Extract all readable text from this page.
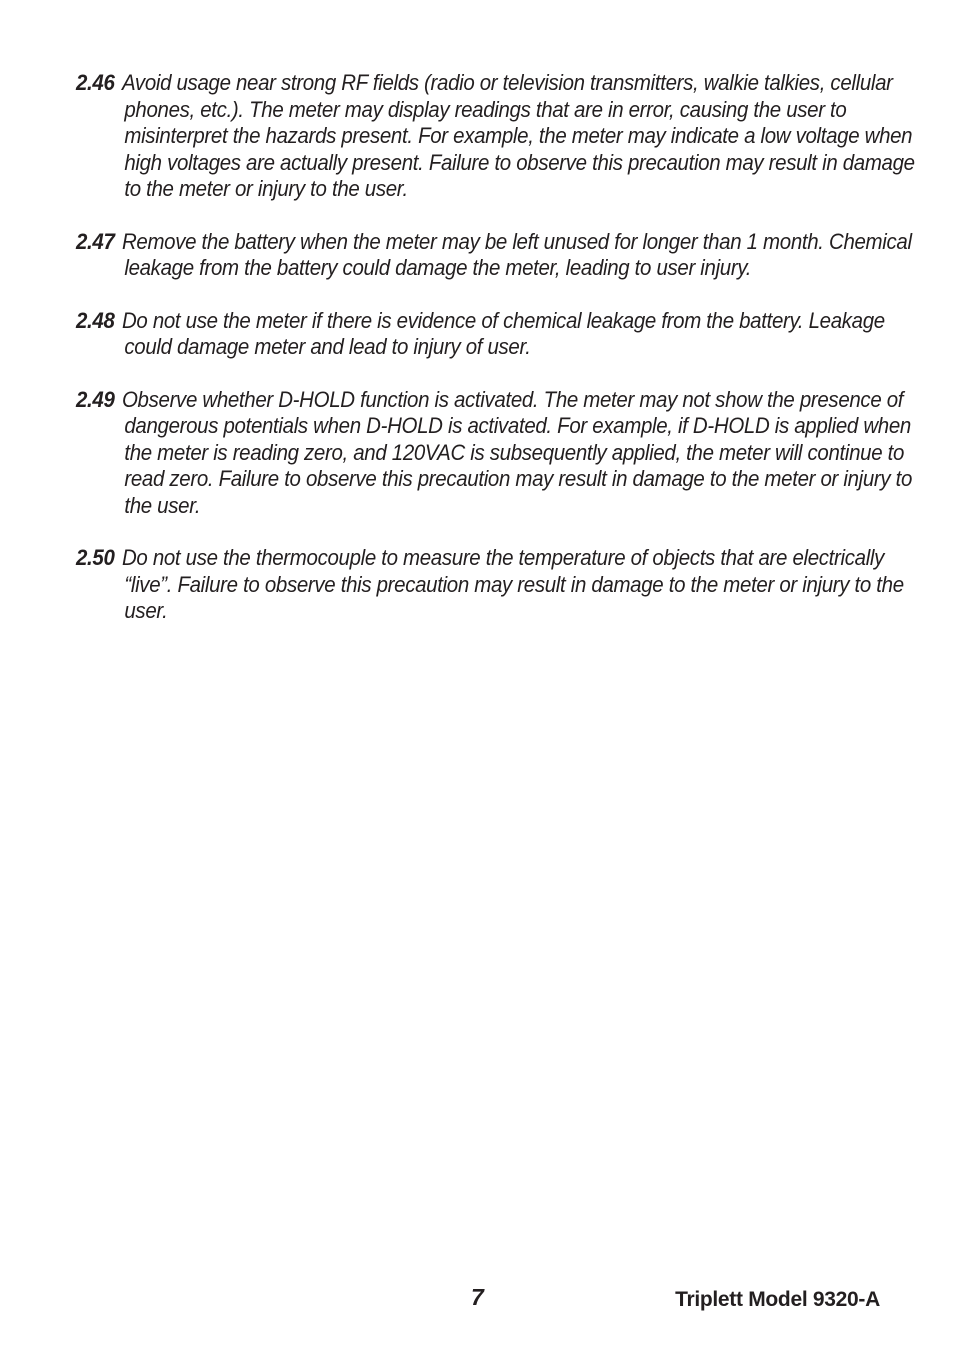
2.46 Avoid usage near strong RF fields (radio or television transmitters, walkie talkies, cellular phones, etc.). The meter may display readings that are in error, causing the user to misinterpret the hazards present. For example, the meter may indicate a low voltage when high voltages are actually present. Failure to observe this precaution may result in damage to the meter or injury to the user.

2.47 Remove the battery when the meter may be left unused for longer than 1 month. Chemical leakage from the battery could damage the meter, leading to user injury.

2.48 Do not use the meter if there is evidence of chemical leakage from the battery. Leakage could damage meter and lead to injury of user.

2.49 Observe whether D-HOLD function is activated. The meter may not show the presence of dangerous potentials when D-HOLD is activated. For example, if D-HOLD is applied when the meter is reading zero, and 120VAC is subsequently applied, the meter will continue to read zero. Failure to observe this precaution may result in damage to the meter or injury to the user.

2.50 Do not use the thermocouple to measure the temperature of objects that are electrically “live”. Failure to observe this precaution may result in damage to the meter or injury to the user.

7	Triplett Model 9320-A
